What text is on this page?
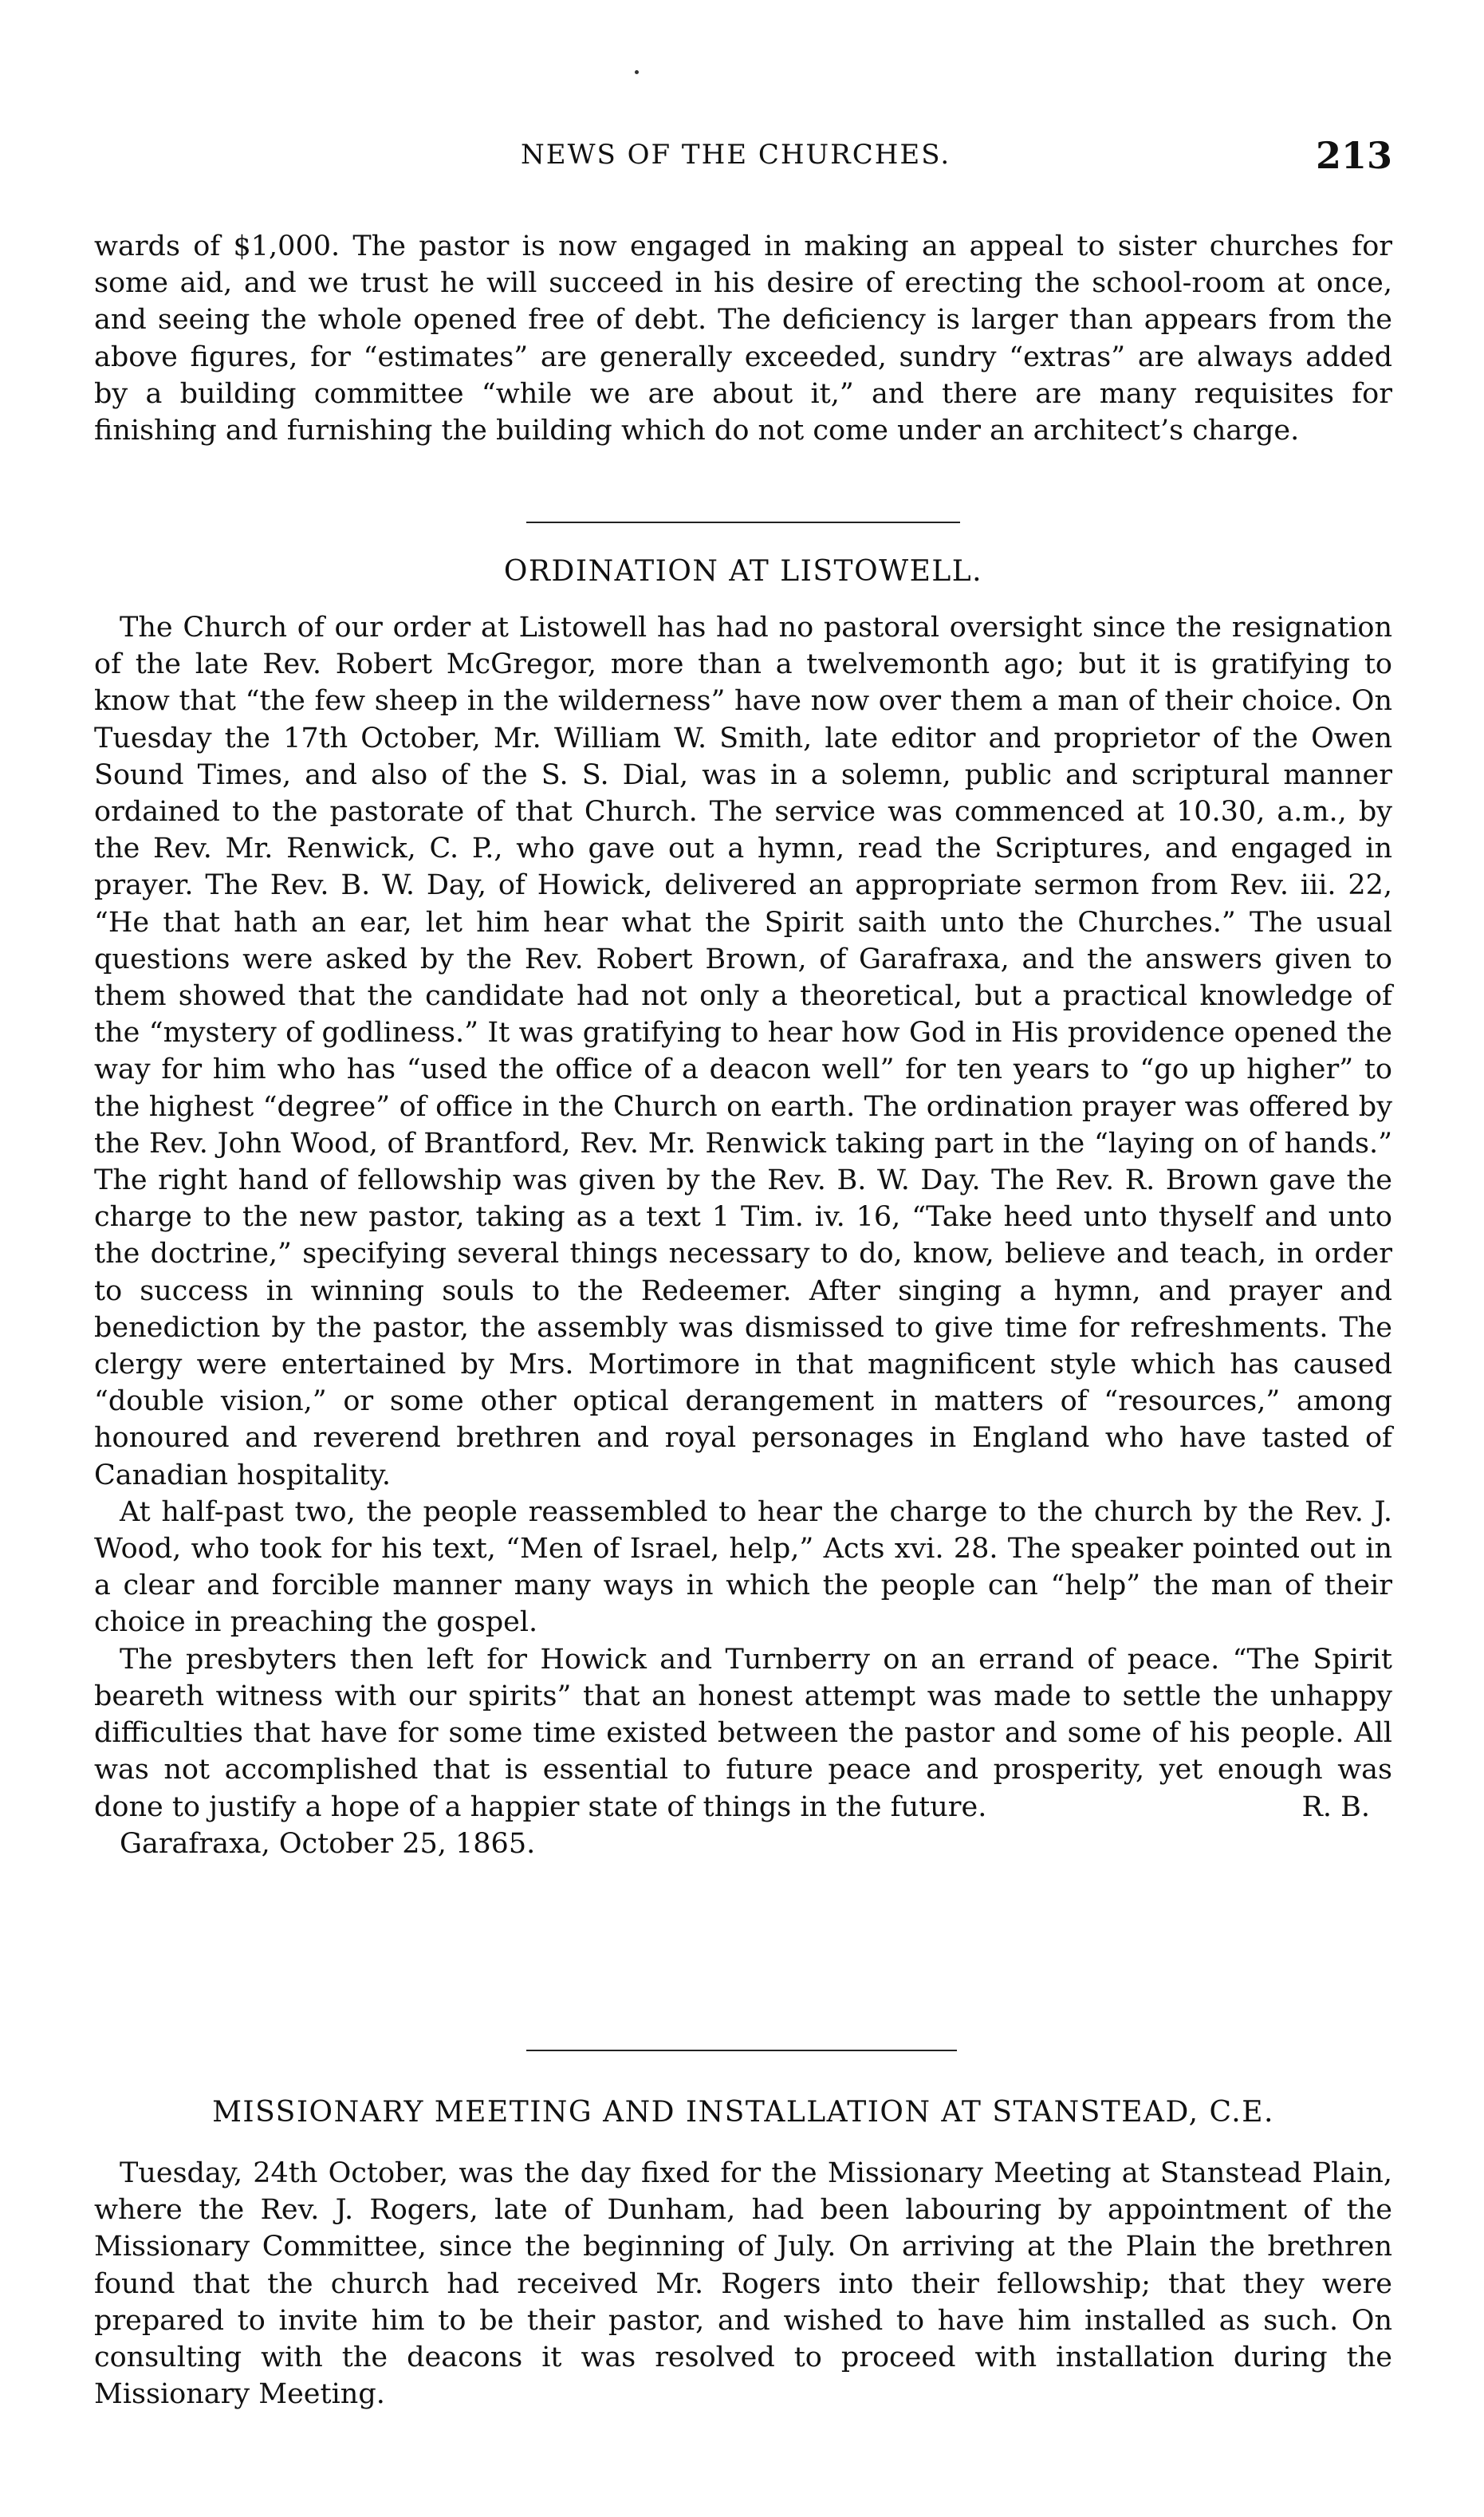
NEWS OF THE CHURCHES.	213

wards of $1,000. The pastor is now engaged in making an appeal to sister churches for some aid, and we trust he will succeed in his desire of erecting the school-room at once, and seeing the whole opened free of debt. The deficiency is larger than appears from the above figures, for “estimates” are generally exceeded, sundry “extras” are always added by a building committee “while we are about it,” and there are many requisites for finishing and furnishing the building which do not come under an architect’s charge.

ORDINATION AT LISTOWELL.

The Church of our order at Listowell has had no pastoral oversight since the resignation of the late Rev. Robert McGregor, more than a twelvemonth ago; but it is gratifying to know that “the few sheep in the wilderness” have now over them a man of their choice. On Tuesday the 17th October, Mr. William W. Smith, late editor and proprietor of the Owen Sound Times, and also of the S. S. Dial, was in a solemn, public and scriptural manner ordained to the pastorate of that Church. The service was commenced at 10.30, a.m., by the Rev. Mr. Renwick, C. P., who gave out a hymn, read the Scriptures, and engaged in prayer. The Rev. B. W. Day, of Howick, delivered an appropriate sermon from Rev. iii. 22, “He that hath an ear, let him hear what the Spirit saith unto the Churches.” The usual questions were asked by the Rev. Robert Brown, of Garafraxa, and the answers given to them showed that the candidate had not only a theoretical, but a practical knowledge of the “mystery of godliness.” It was gratifying to hear how God in His providence opened the way for him who has “used the office of a deacon well” for ten years to “go up higher” to the highest “degree” of office in the Church on earth. The ordination prayer was offered by the Rev. John Wood, of Brantford, Rev. Mr. Renwick taking part in the “laying on of hands.” The right hand of fellowship was given by the Rev. B. W. Day. The Rev. R. Brown gave the charge to the new pastor, taking as a text 1 Tim. iv. 16, “Take heed unto thyself and unto the doctrine,” specifying several things necessary to do, know, believe and teach, in order to success in winning souls to the Redeemer. After singing a hymn, and prayer and benediction by the pastor, the assembly was dismissed to give time for refreshments. The clergy were entertained by Mrs. Mortimore in that magnificent style which has caused “double vision,” or some other optical derangement in matters of “resources,” among honoured and reverend brethren and royal personages in England who have tasted of Canadian hospitality.

At half-past two, the people reassembled to hear the charge to the church by the Rev. J. Wood, who took for his text, “Men of Israel, help,” Acts xvi. 28. The speaker pointed out in a clear and forcible manner many ways in which the people can “help” the man of their choice in preaching the gospel.

The presbyters then left for Howick and Turnberry on an errand of peace. “The Spirit beareth witness with our spirits” that an honest attempt was made to settle the unhappy difficulties that have for some time existed between the pastor and some of his people. All was not accomplished that is essential to future peace and prosperity, yet enough was done to justify a hope of a happier state of things in the future.	R. B.

Garafraxa, October 25, 1865.

MISSIONARY MEETING AND INSTALLATION AT STANSTEAD, C.E.

Tuesday, 24th October, was the day fixed for the Missionary Meeting at Stanstead Plain, where the Rev. J. Rogers, late of Dunham, had been labouring by appointment of the Missionary Committee, since the beginning of July. On arriving at the Plain the brethren found that the church had received Mr. Rogers into their fellowship; that they were prepared to invite him to be their pastor, and wished to have him installed as such. On consulting with the deacons it was resolved to proceed with installation during the Missionary Meeting.
